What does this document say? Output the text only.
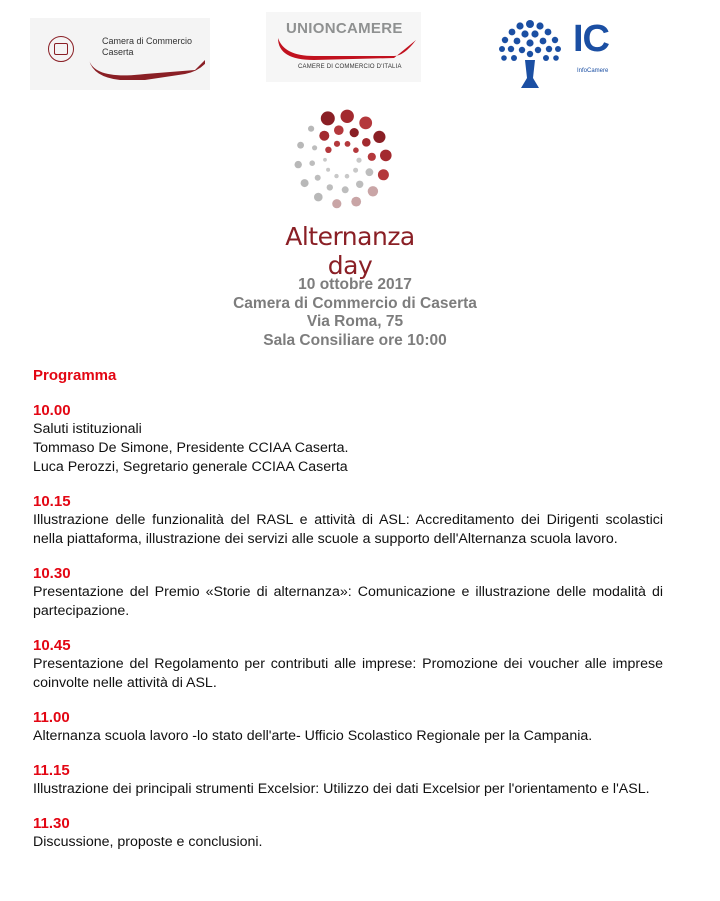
Camera di Commercio
Caserta
UNIONCAMERE
CAMERE DI COMMERCIO D'ITALIA
IC
InfoCamere
Alternanza day
10 ottobre 2017
Camera di Commercio di Caserta
Via Roma, 75
Sala Consiliare ore 10:00
Programma
10.00
Saluti istituzionali
Tommaso De Simone, Presidente CCIAA Caserta.
Luca Perozzi, Segretario generale CCIAA Caserta
10.15
Illustrazione delle funzionalità del RASL e attività di ASL: Accreditamento dei Dirigenti scolastici nella piattaforma, illustrazione dei servizi alle scuole a supporto dell'Alternanza scuola lavoro.
10.30
Presentazione del Premio «Storie di alternanza»: Comunicazione e illustrazione delle modalità di partecipazione.
10.45
Presentazione del Regolamento per contributi alle imprese: Promozione dei voucher alle imprese coinvolte nelle attività di ASL.
11.00
Alternanza scuola lavoro -lo stato dell'arte- Ufficio Scolastico Regionale per la Campania.
11.15
Illustrazione dei principali strumenti Excelsior: Utilizzo dei dati Excelsior per l'orientamento e l'ASL.
11.30
Discussione, proposte e conclusioni.
